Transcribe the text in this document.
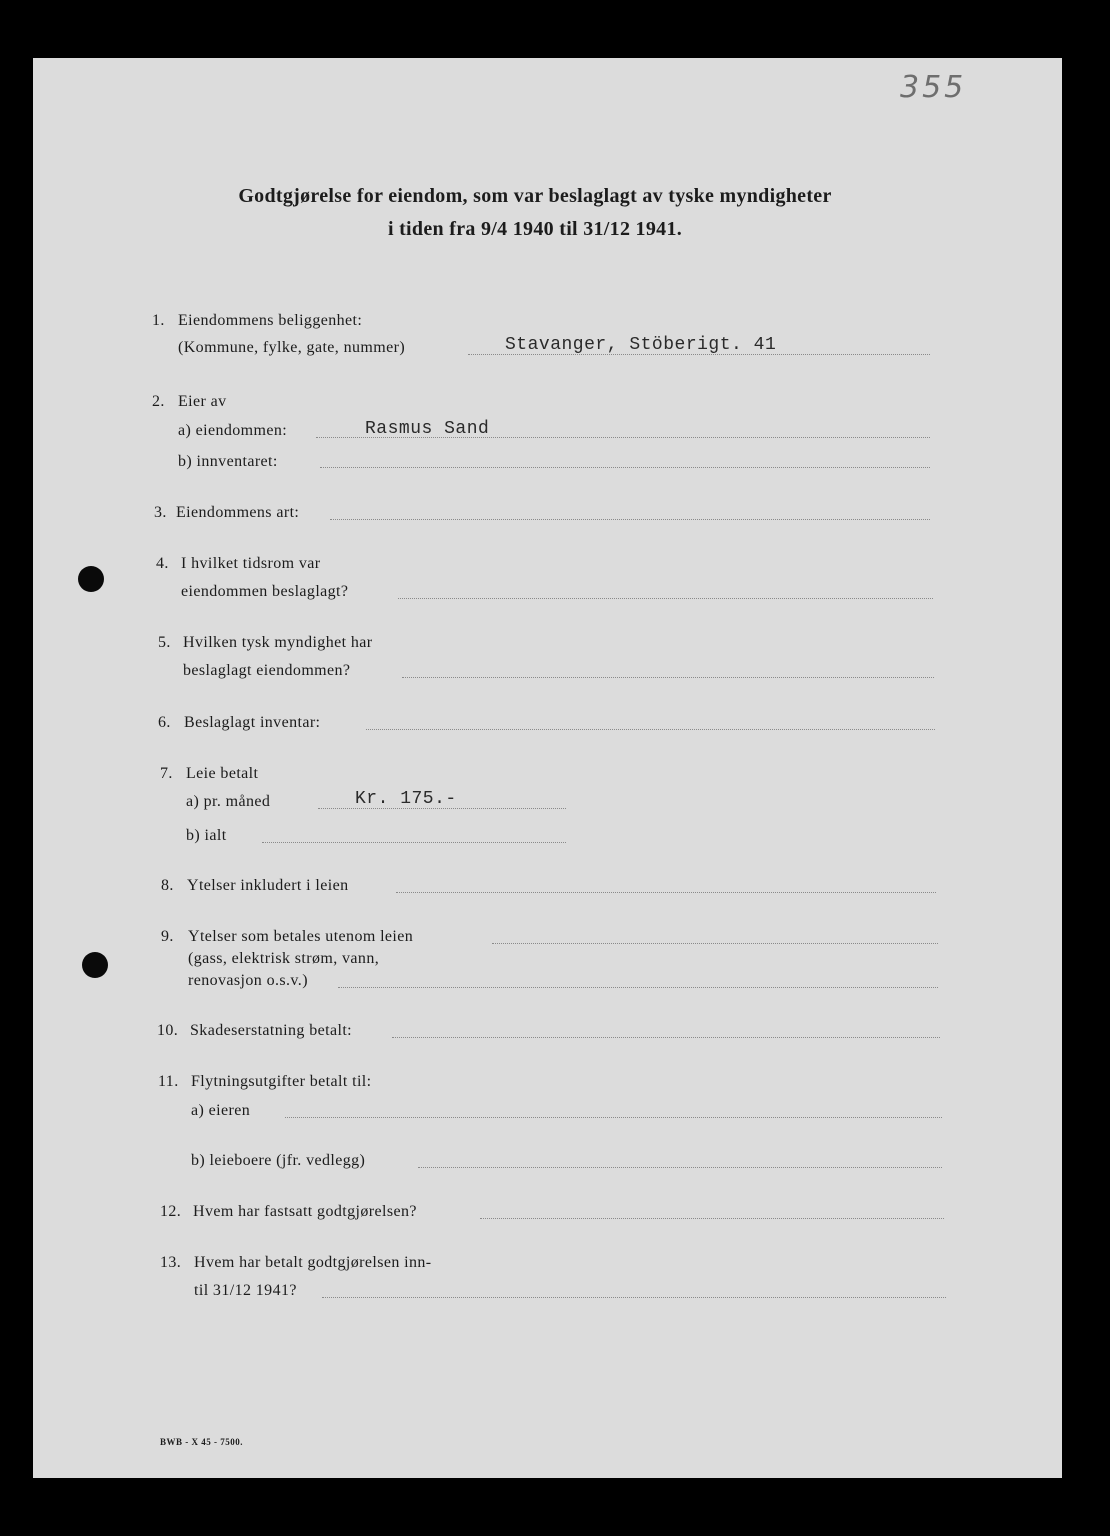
355
Godtgjørelse for eiendom, som var beslaglagt av tyske myndigheter
i tiden fra 9/4 1940 til 31/12 1941.
1. Eiendommens beliggenhet:
(Kommune, fylke, gate, nummer)	Stavanger, Stöberigt. 41
2. Eier av
a) eiendommen:	Rasmus Sand
b) innventaret:
3. Eiendommens art:
4. I hvilket tidsrom var
eiendommen beslaglagt?
5. Hvilken tysk myndighet har
beslaglagt eiendommen?
6. Beslaglagt inventar:
7. Leie betalt
a) pr. måned	Kr. 175.-
b) ialt
8. Ytelser inkludert i leien
9. Ytelser som betales utenom leien
(gass, elektrisk strøm, vann,
renovasjon o.s.v.)
10. Skadeserstatning betalt:
11. Flytningsutgifter betalt til:
a) eieren
b) leieboere (jfr. vedlegg)
12. Hvem har fastsatt godtgjørelsen?
13. Hvem har betalt godtgjørelsen inn-
til 31/12 1941?
BWB - X 45 - 7500.
